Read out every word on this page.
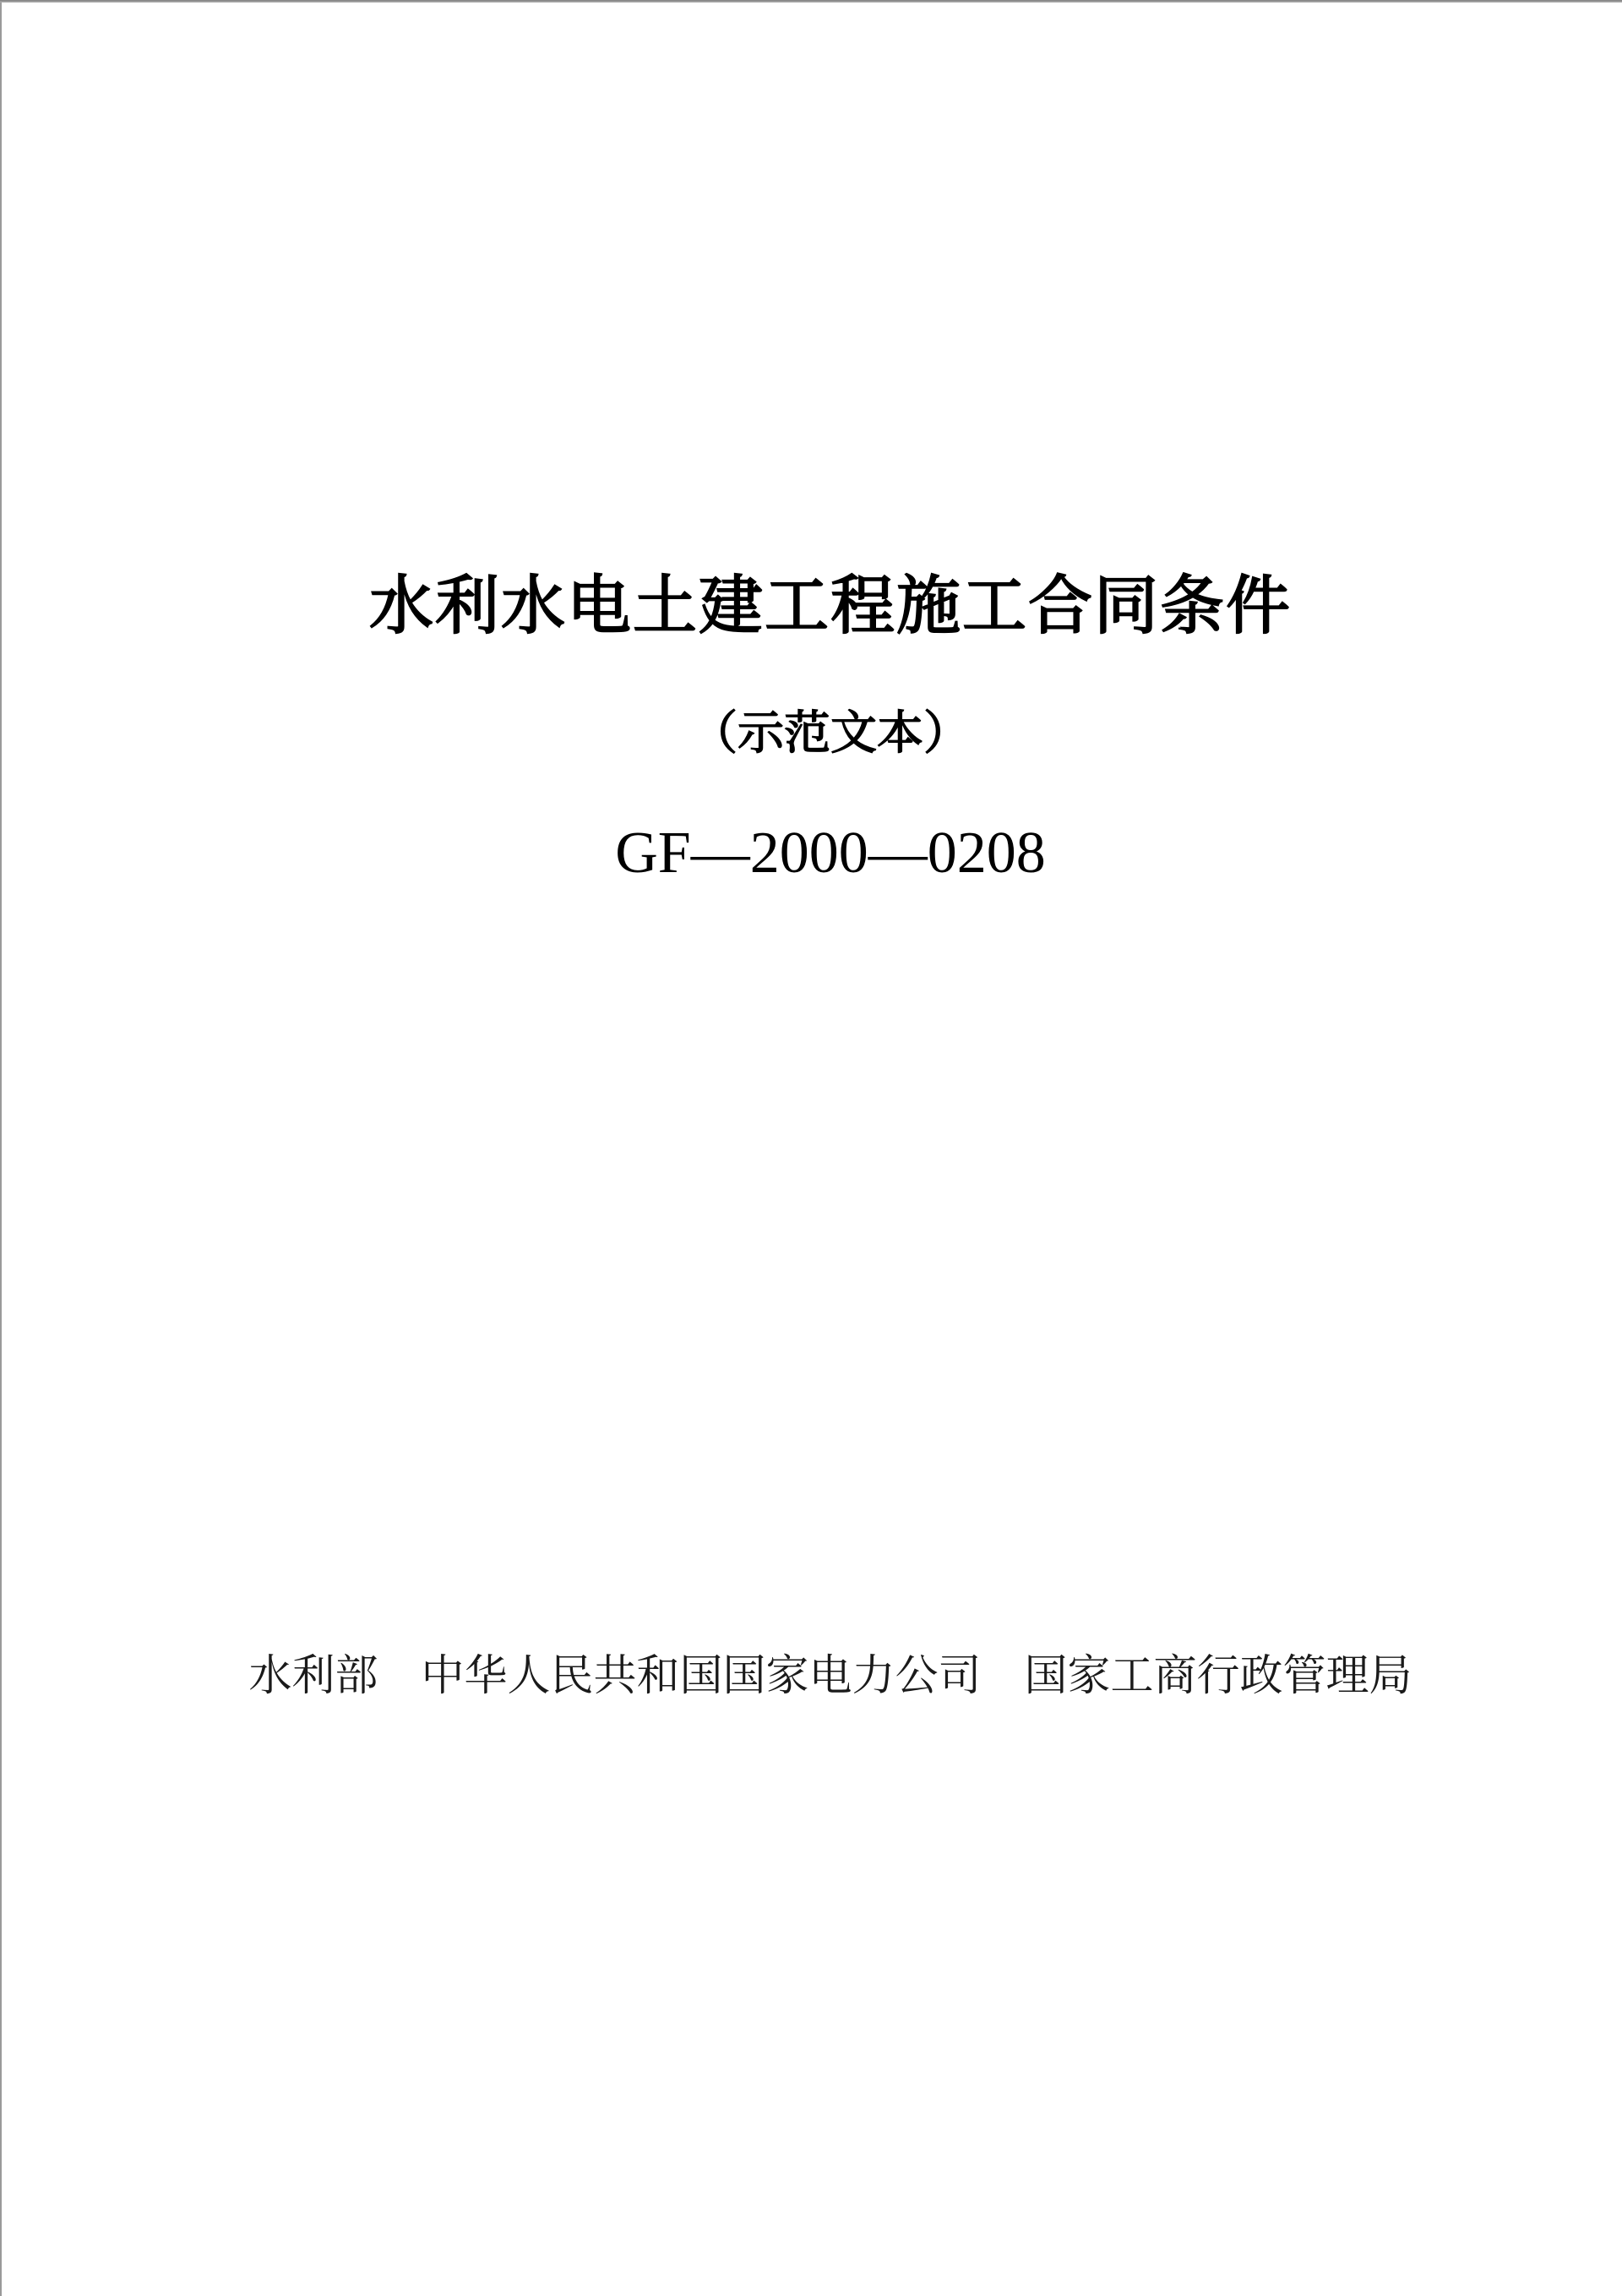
水利水电土建工程施工合同条件
（示范文本）
GF—2000—0208
水利部　中华人民共和国国家电力公司　国家工商行政管理局
